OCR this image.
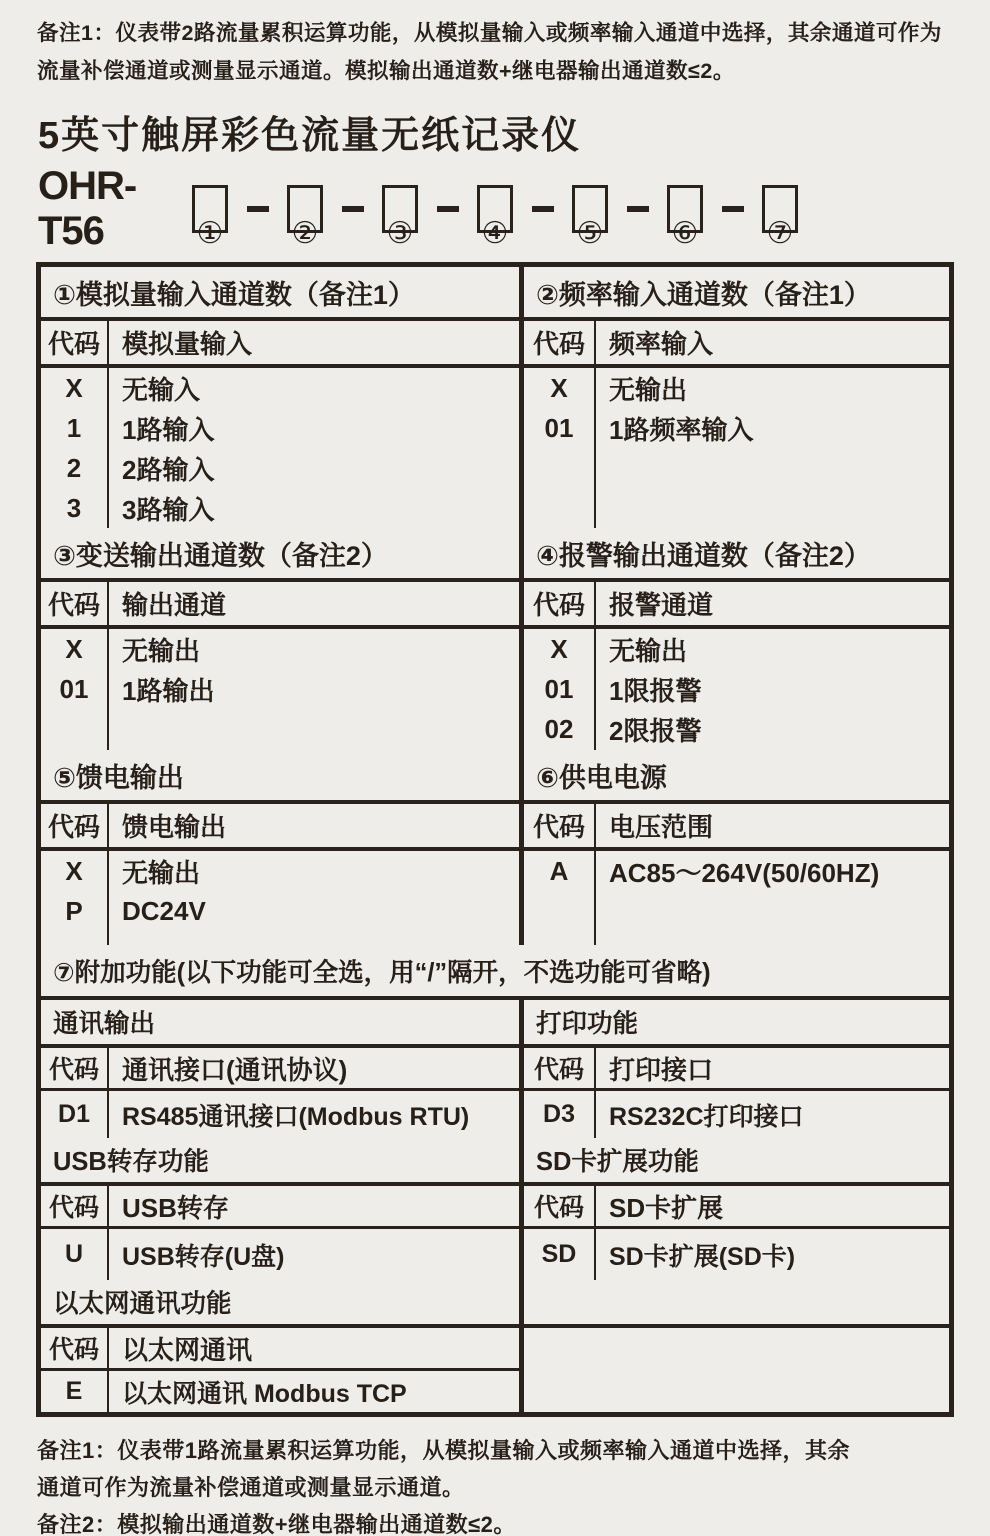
备注1：仪表带2路流量累积运算功能，从模拟量输入或频率输入通道中选择，其余通道可作为
流量补偿通道或测量显示通道。模拟输出通道数+继电器输出通道数≤2。
5英寸触屏彩色流量无纸记录仪
OHR-T56	① ② ③ ④ ⑤ ⑥ ⑦
①模拟量输入通道数（备注1）
代码 模拟量输入
X
1
2
3
无输入
1路输入
2路输入
3路输入
②频率输入通道数（备注1）
代码 频率输入
X
01
无输出
1路频率输入
③变送输出通道数（备注2）
代码 输出通道
X
01
无输出
1路输出
④报警输出通道数（备注2）
代码 报警通道
X
01
02
无输出
1限报警
2限报警
⑤馈电输出
代码 馈电输出
X
P
无输出
DC24V
⑥供电电源
代码 电压范围
A AC85～264V(50/60HZ)
⑦附加功能(以下功能可全选，用“/”隔开，不选功能可省略)
通讯输出
代码 通讯接口(通讯协议)
D1 RS485通讯接口(Modbus RTU)
打印功能
代码 打印接口
D3 RS232C打印接口
USB转存功能
代码 USB转存
U USB转存(U盘)
SD卡扩展功能
代码 SD卡扩展
SD SD卡扩展(SD卡)
以太网通讯功能
代码 以太网通讯
E 以太网通讯 Modbus TCP
备注1：仪表带1路流量累积运算功能，从模拟量输入或频率输入通道中选择，其余
通道可作为流量补偿通道或测量显示通道。
备注2：模拟输出通道数+继电器输出通道数≤2。
